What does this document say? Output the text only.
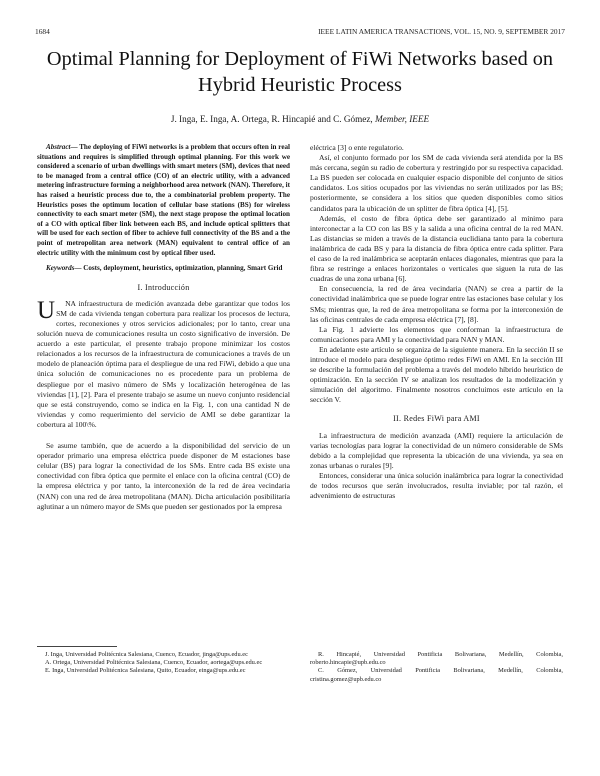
1684	IEEE LATIN AMERICA TRANSACTIONS, VOL. 15, NO. 9, SEPTEMBER 2017
Optimal Planning for Deployment of FiWi Networks based on Hybrid Heuristic Process
J. Inga, E. Inga, A. Ortega, R. Hincapié and C. Gómez, Member, IEEE

Abstract— The deploying of FiWi networks is a problem that occurs often in real situations and requires is simplified through optimal planning. For this work we considered a scenario of urban dwellings with smart meters (SM), devices that need to be managed from a central office (CO) of an electric utility, with a advanced metering infrastructure forming a neighborhood area network (NAN). Therefore, it has raised a heuristic process due to, the a combinatorial problem property. The Heuristics poses the optimum location of cellular base stations (BS) for wireless connectivity to each smart meter (SM), the next stage propose the optimal location of a CO with optical fiber link between each BS, and include optical splitters that will be used for each section of fiber to achieve full connectivity of the BS and a the point of metropolitan area network (MAN) equivalent to central office of an electric utility with the minimum cost by optical fiber used.

Keywords— Costs, deployment, heuristics, optimization, planning, Smart Grid

I. Introducción

U NA infraestructura de medición avanzada debe garantizar que todos los SM de cada vivienda tengan cobertura para realizar los procesos de lectura, cortes, reconexiones y otros servicios adicionales; por lo tanto, crear una solución nueva de comunicaciones resulta un costo significativo de inversión. De acuerdo a este particular, el presente trabajo propone minimizar los costos relacionados a los recursos de la infraestructura de comunicaciones a través de un modelo de planeación óptima para el despliegue de una red FiWi, debido a que una única solución de comunicaciones no es procedente para un problema de despliegue por el masivo número de SMs y localización heterogénea de las viviendas [1], [2]. Para el presente trabajo se asume un nuevo conjunto residencial que se está construyendo, como se indica en la Fig. 1, con una cantidad N de viviendas y como requerimiento del servicio de AMI se debe garantizar la cobertura al 100\%.

Se asume también, que de acuerdo a la disponibilidad del servicio de un operador primario una empresa eléctrica puede disponer de M estaciones base celular (BS) para lograr la conectividad de los SMs. Entre cada BS existe una conectividad con fibra óptica que permite el enlace con la oficina central (CO) de la empresa eléctrica y por tanto, la interconexión de la red de área vecindaria (NAN) con una red de área metropolitana (MAN). Dicha articulación posibilitaría aglutinar a un número mayor de SMs que pueden ser gestionados por la empresa

eléctrica [3] o ente regulatorio.

Así, el conjunto formado por los SM de cada vivienda será atendida por la BS más cercana, según su radio de cobertura y restringido por su respectiva capacidad. La BS pueden ser colocada en cualquier espacio disponible del conjunto de sitios candidatos. Los sitios ocupados por las viviendas no serán utilizados por las BS; posteriormente, se considera a los sitios que queden disponibles como sitios candidatos para la ubicación de un splitter de fibra óptica [4], [5].

Además, el costo de fibra óptica debe ser garantizado al mínimo para interconectar a la CO con las BS y la salida a una oficina central de la red MAN. Las distancias se miden a través de la distancia euclidiana tanto para la cobertura inalámbrica de cada BS y para la distancia de fibra óptica entre cada splitter. Para el caso de la red inalámbrica se aceptarán enlaces diagonales, mientras que para la fibra se restringe a enlaces horizontales o verticales que siguen la ruta de las cuadras de una zona urbana [6].

En consecuencia, la red de área vecindaria (NAN) se crea a partir de la conectividad inalámbrica que se puede lograr entre las estaciones base celular y los SMs; mientras que, la red de área metropolitana se forma por la interconexión de las oficinas centrales de cada empresa eléctrica [7], [8].

La Fig. 1 advierte los elementos que conforman la infraestructura de comunicaciones para AMI y la conectividad para NAN y MAN.

En adelante este artículo se organiza de la siguiente manera. En la sección II se introduce el modelo para despliegue óptimo redes FiWi en AMI. En la sección III se describe la formulación del problema a través del modelo híbrido heurístico de optimización. En la sección IV se analizan los resultados de la modelización y simulación del algoritmo. Finalmente nosotros concluimos este artículo en la sección V.

II. Redes FiWi para AMI

La infraestructura de medición avanzada (AMI) requiere la articulación de varias tecnologías para lograr la conectividad de un número considerable de SMs debido a la complejidad que representa la ubicación de una vivienda, ya sea en zonas urbanas o rurales [9].

Entonces, considerar una única solución inalámbrica para lograr la conectividad de todos recursos que serán involucrados, resulta inviable; por tal razón, el advenimiento de estructuras

J. Inga, Universidad Politécnica Salesiana, Cuenco, Ecuador, jinga@ups.edu.ec
A. Ortega, Universidad Politécnica Salesiana, Cuenco, Ecuador, aortega@ups.edu.ec
E. Inga, Universidad Politécnica Salesiana, Quito, Ecuador, einga@ups.edu.ec
R. Hincapié, Universidad Pontificia Bolivariana, Medellín, Colombia, roberto.hincapie@upb.edu.co
C. Gómez, Universidad Pontificia Bolivariana, Medellín, Colombia, cristina.gomez@upb.edu.co
